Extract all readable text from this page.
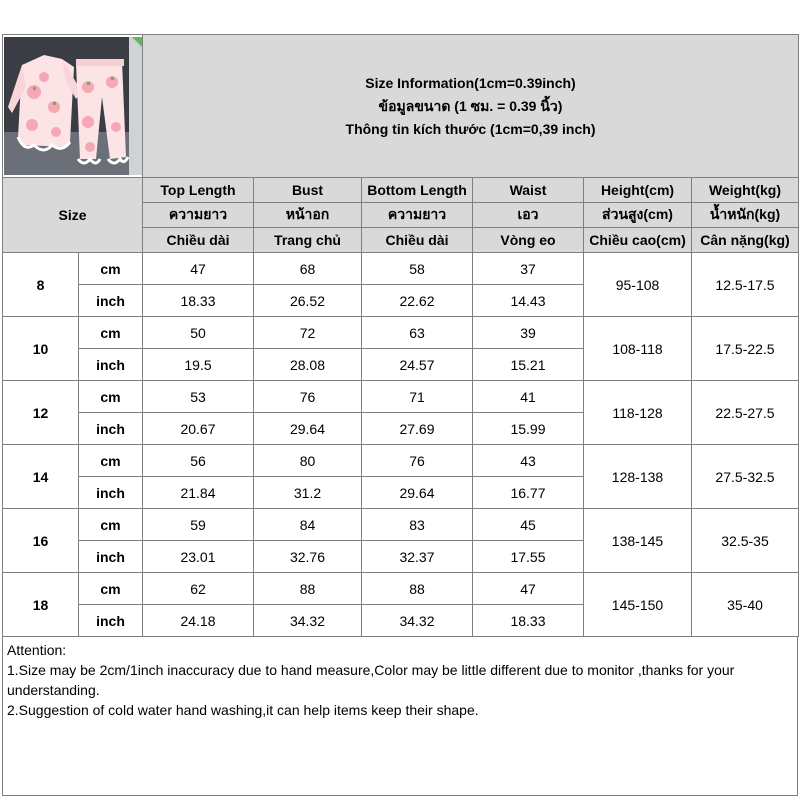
Size Information(1cm=0.39inch)
ข้อมูลขนาด (1 ซม. = 0.39 นิ้ว)
Thông tin kích thước (1cm=0,39 inch)					

Size		Top Length	Bust	Bottom Length	Waist	Height(cm)	Weight(kg)
		ความยาว	หน้าอก	ความยาว	เอว	ส่วนสูง(cm)	น้ำหนัก(kg)
		Chiều dài	Trang chủ	Chiều dài	Vòng eo	Chiều cao(cm)	Cân nặng(kg)
8	cm	47	68	58	37	95-108	12.5-17.5
	inch	18.33	26.52	22.62	14.43		
10	cm	50	72	63	39	108-118	17.5-22.5
	inch	19.5	28.08	24.57	15.21		
12	cm	53	76	71	41	118-128	22.5-27.5
	inch	20.67	29.64	27.69	15.99		
14	cm	56	80	76	43	128-138	27.5-32.5
	inch	21.84	31.2	29.64	16.77		
16	cm	59	84	83	45	138-145	32.5-35
	inch	23.01	32.76	32.37	17.55		
18	cm	62	88	88	47	145-150	35-40
	inch	24.18	34.32	34.32	18.33		
Attention:
1.Size may be 2cm/1inch inaccuracy due to hand measure,Color may be little different due to monitor ,thanks for your understanding.
2.Suggestion of cold water hand washing,it can help items keep their shape.
